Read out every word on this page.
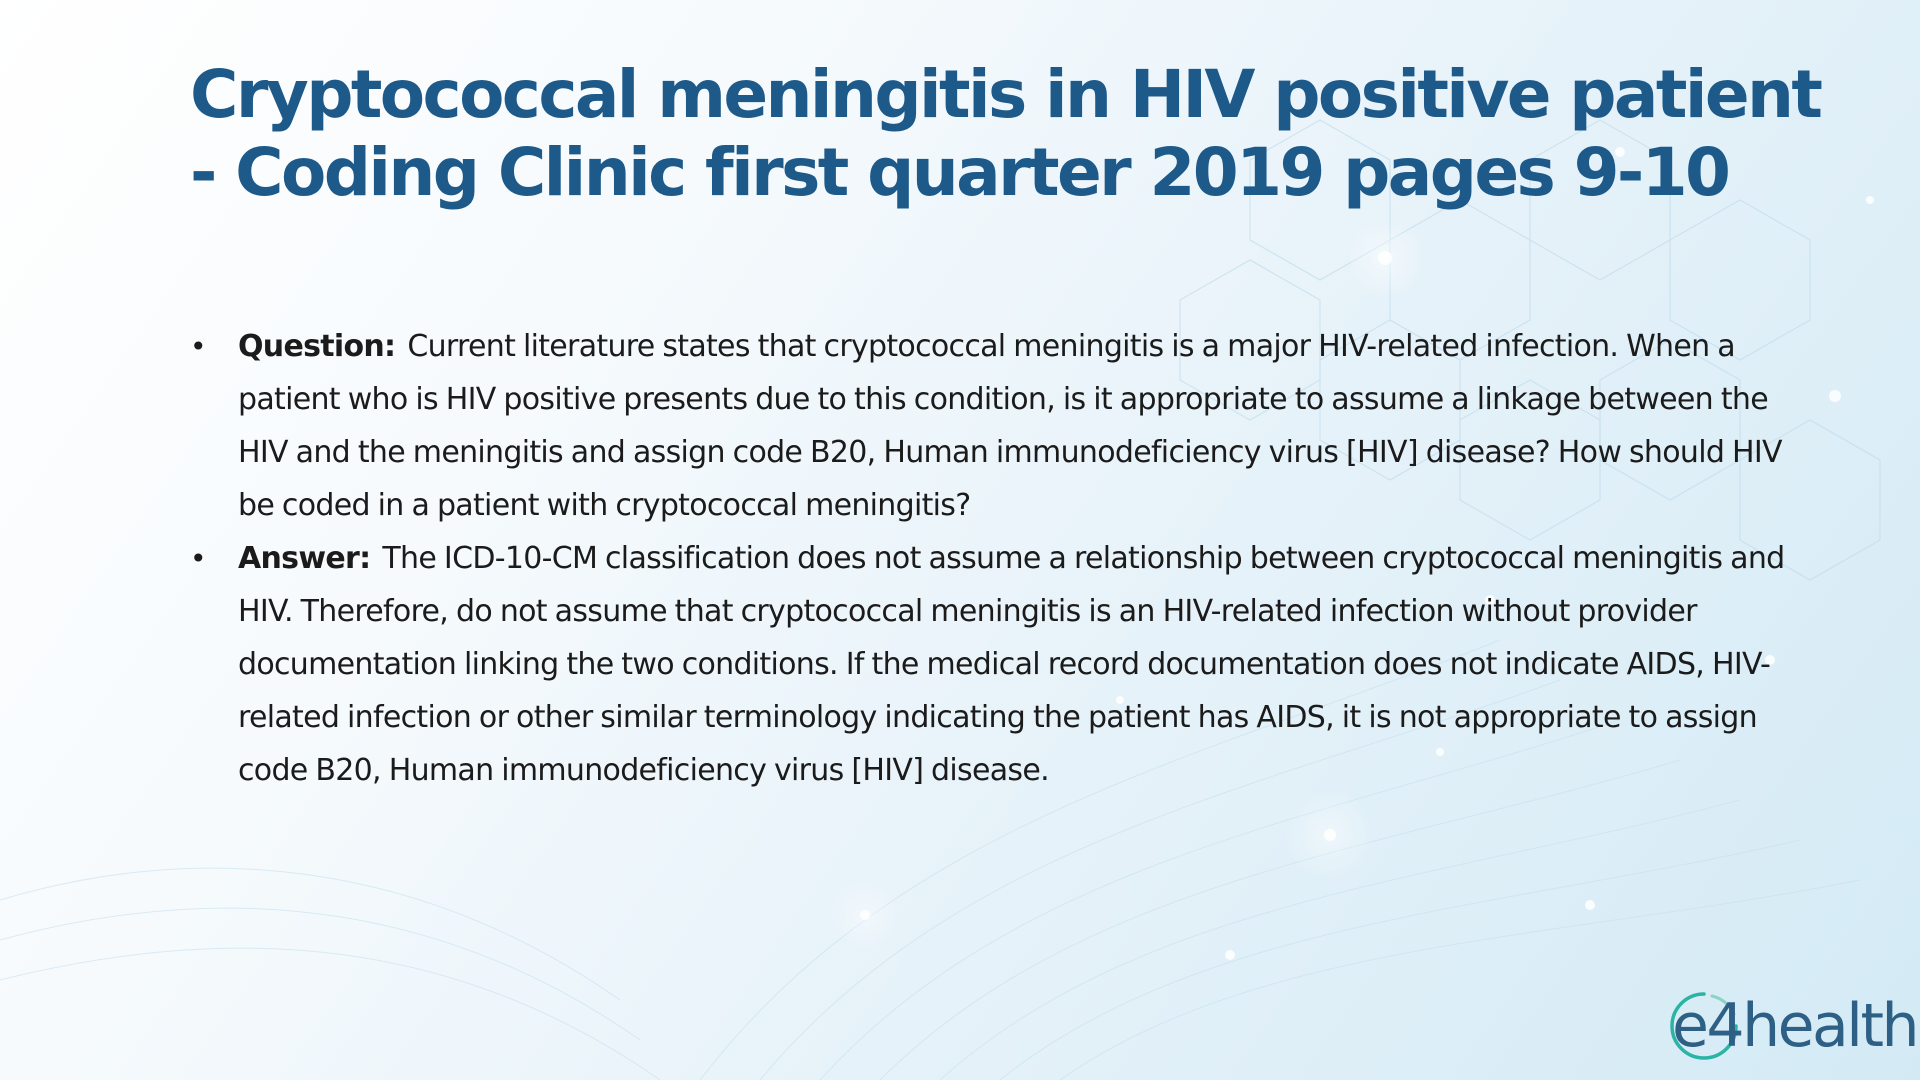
Cryptococcal meningitis in HIV positive patient - Coding Clinic first quarter 2019 pages 9-10
• Question: Current literature states that cryptococcal meningitis is a major HIV-related infection. When a patient who is HIV positive presents due to this condition, is it appropriate to assume a linkage between the HIV and the meningitis and assign code B20, Human immunodeficiency virus [HIV] disease? How should HIV be coded in a patient with cryptococcal meningitis?
• Answer: The ICD-10-CM classification does not assume a relationship between cryptococcal meningitis and HIV. Therefore, do not assume that cryptococcal meningitis is an HIV-related infection without provider documentation linking the two conditions. If the medical record documentation does not indicate AIDS, HIV-related infection or other similar terminology indicating the patient has AIDS, it is not appropriate to assign code B20, Human immunodeficiency virus [HIV] disease.
e4health
